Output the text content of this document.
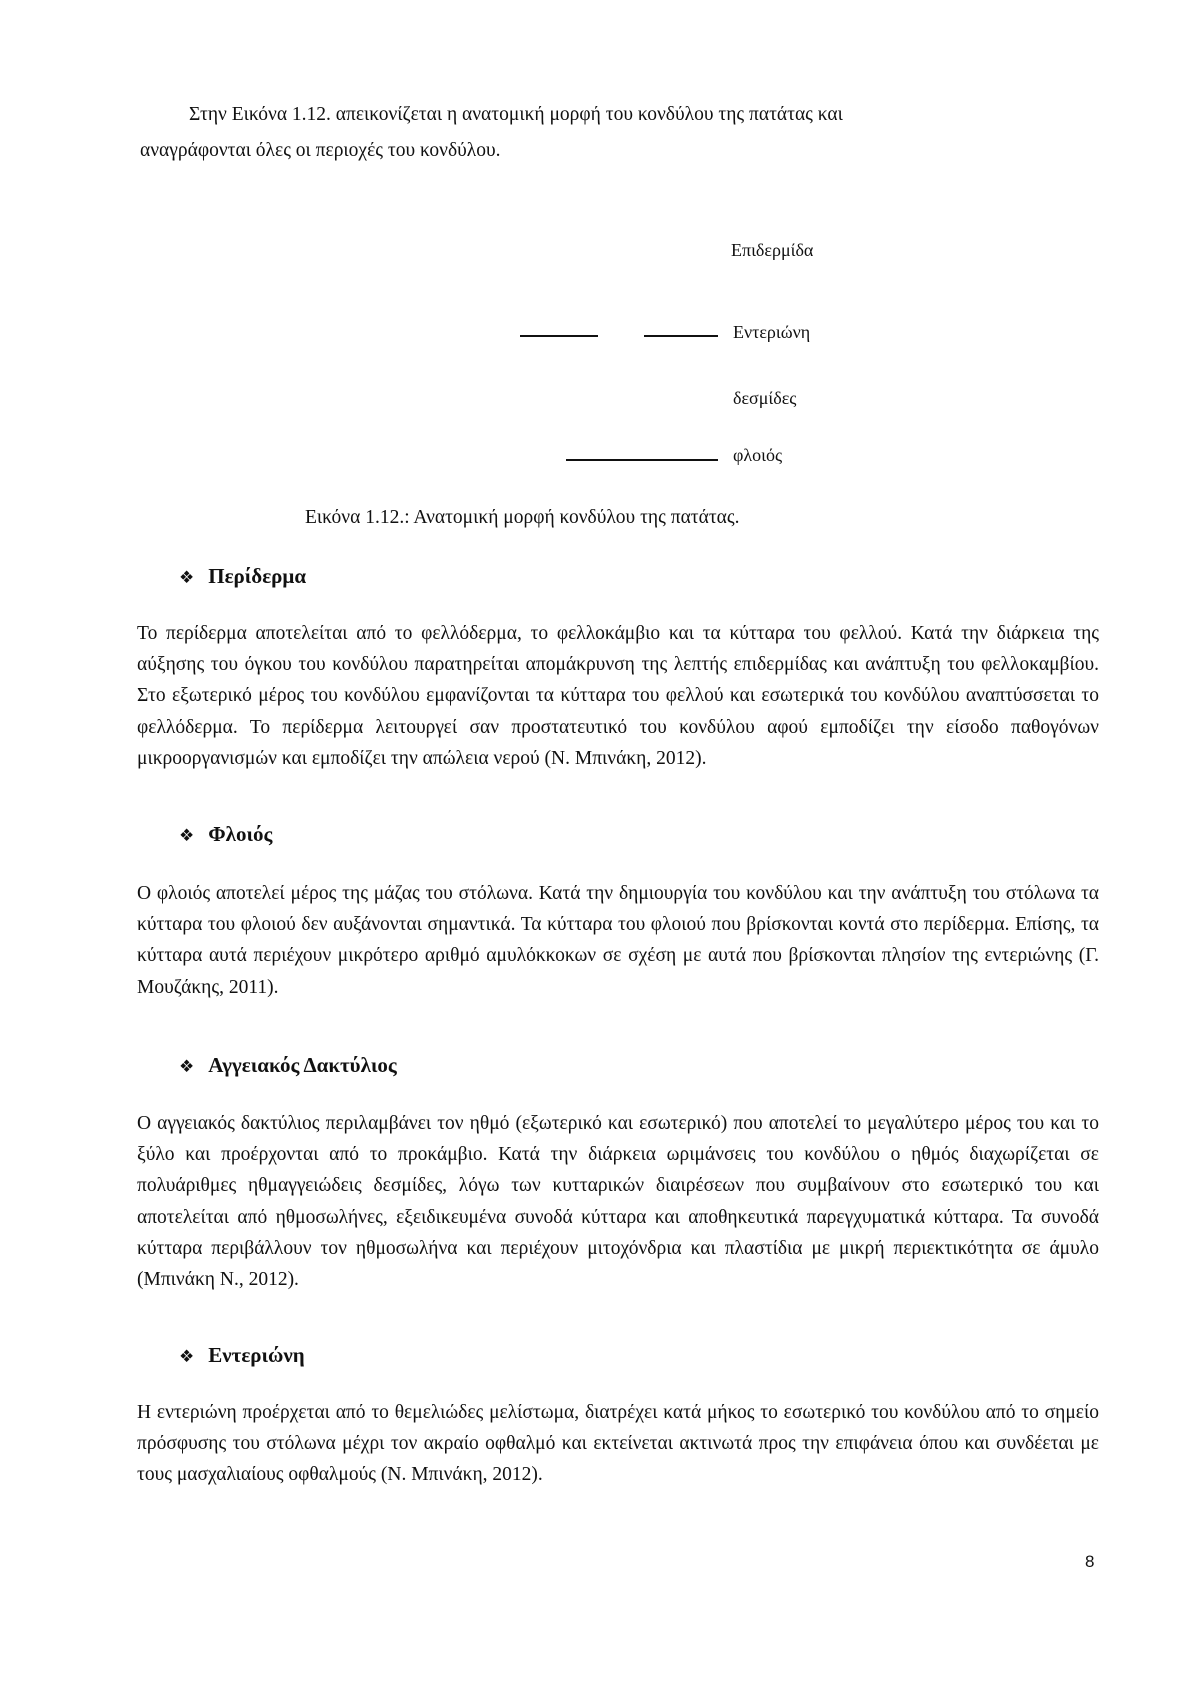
Στην Εικόνα 1.12. απεικονίζεται η ανατομική μορφή του κονδύλου της πατάτας και
αναγράφονται όλες οι περιοχές του κονδύλου.
Επιδερμίδα
Εντεριώνη
δεσμίδες
φλοιός
Εικόνα 1.12.: Ανατομική μορφή κονδύλου της πατάτας.
❖ Περίδερμα

Το περίδερμα αποτελείται από το φελλόδερμα, το φελλοκάμβιο και τα κύτταρα του φελλού. Κατά την διάρκεια της αύξησης του όγκου του κονδύλου παρατηρείται απομάκρυνση της λεπτής επιδερμίδας και ανάπτυξη του φελλοκαμβίου. Στο εξωτερικό μέρος του κονδύλου εμφανίζονται τα κύτταρα του φελλού και εσωτερικά του κονδύλου αναπτύσσεται το φελλόδερμα. Το περίδερμα λειτουργεί σαν προστατευτικό του κονδύλου αφού εμποδίζει την είσοδο παθογόνων μικροοργανισμών και εμποδίζει την απώλεια νερού (Ν. Μπινάκη, 2012).

❖ Φλοιός

Ο φλοιός αποτελεί μέρος της μάζας του στόλωνα. Κατά την δημιουργία του κονδύλου και την ανάπτυξη του στόλωνα τα κύτταρα του φλοιού δεν αυξάνονται σημαντικά. Τα κύτταρα του φλοιού που βρίσκονται κοντά στο περίδερμα. Επίσης, τα κύτταρα αυτά περιέχουν μικρότερο αριθμό αμυλόκκοκων σε σχέση με αυτά που βρίσκονται πλησίον της εντεριώνης (Γ. Μουζάκης, 2011).

❖ Αγγειακός Δακτύλιος

Ο αγγειακός δακτύλιος περιλαμβάνει τον ηθμό (εξωτερικό και εσωτερικό) που αποτελεί το μεγαλύτερο μέρος του και το ξύλο και προέρχονται από το προκάμβιο. Κατά την διάρκεια ωριμάνσεις του κονδύλου ο ηθμός διαχωρίζεται σε πολυάριθμες ηθμαγγειώδεις δεσμίδες, λόγω των κυτταρικών διαιρέσεων που συμβαίνουν στο εσωτερικό του και αποτελείται από ηθμοσωλήνες, εξειδικευμένα συνοδά κύτταρα και αποθηκευτικά παρεγχυματικά κύτταρα. Τα συνοδά κύτταρα περιβάλλουν τον ηθμοσωλήνα και περιέχουν μιτοχόνδρια και πλαστίδια με μικρή περιεκτικότητα σε άμυλο (Μπινάκη Ν., 2012).

❖ Εντεριώνη

Η εντεριώνη προέρχεται από το θεμελιώδες μελίστωμα, διατρέχει κατά μήκος το εσωτερικό του κονδύλου από το σημείο πρόσφυσης του στόλωνα μέχρι τον ακραίο οφθαλμό και εκτείνεται ακτινωτά προς την επιφάνεια όπου και συνδέεται με τους μασχαλιαίους οφθαλμούς (Ν. Μπινάκη, 2012).

8
